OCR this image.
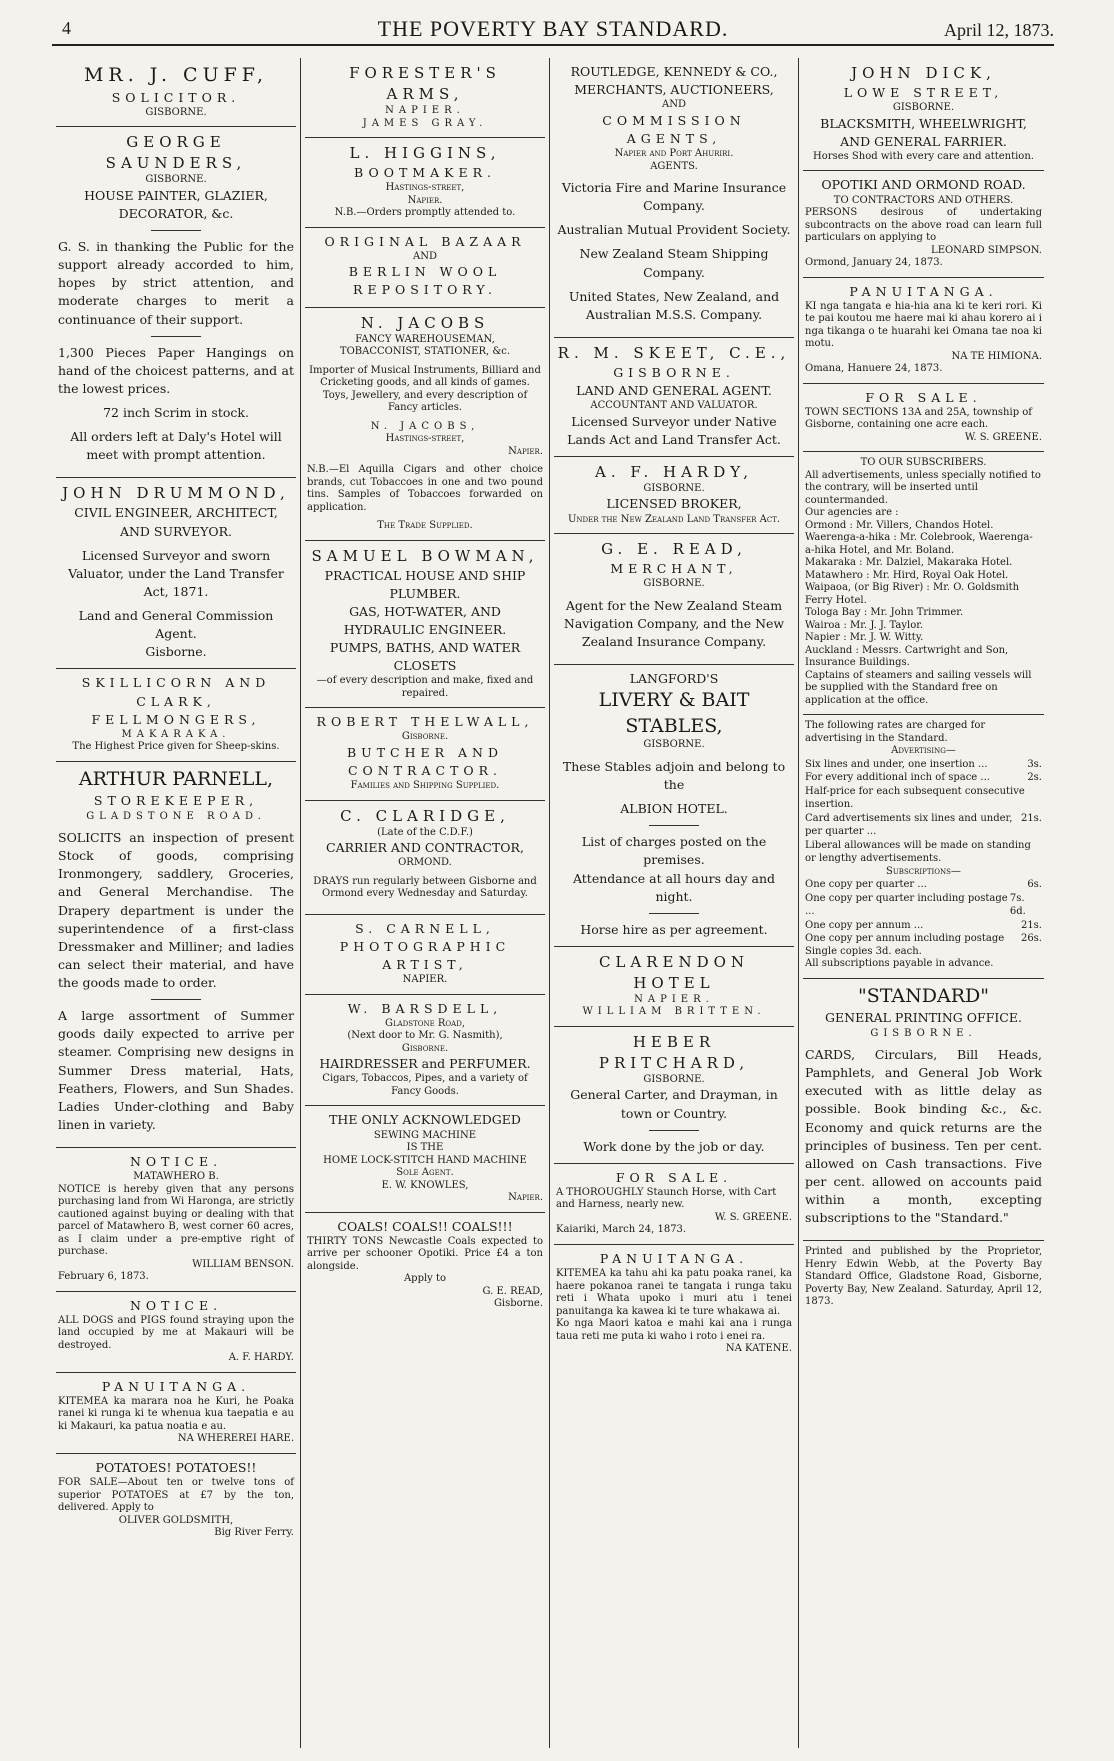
4	THE POVERTY BAY STANDARD.	April 12, 1873.
MR. J. CUFF,
SOLICITOR.
GISBORNE.
GEORGE SAUNDERS,
GISBORNE.
HOUSE PAINTER, GLAZIER,
DECORATOR, &c.

G. S. in thanking the Public for the support already accorded to him, hopes by strict attention, and moderate charges to merit a continuance of their support.

1,300 Pieces Paper Hangings on hand of the choicest patterns, and at the lowest prices.

72 inch Scrim in stock.

All orders left at Daly's Hotel will meet with prompt attention.

JOHN DRUMMOND,
CIVIL ENGINEER, ARCHITECT, AND SURVEYOR.

Licensed Surveyor and sworn Valuator, under the Land Transfer Act, 1871.

Land and General Commission Agent.

Gisborne.

SKILLICORN AND CLARK,
FELLMONGERS,
MAKARAKA.
The Highest Price given for Sheep-skins.
ARTHUR PARNELL,
STOREKEEPER,
GLADSTONE ROAD.

SOLICITS an inspection of present Stock of goods, comprising Ironmongery, saddlery, Groceries, and General Merchandise. The Drapery department is under the superintendence of a first-class Dressmaker and Milliner; and ladies can select their material, and have the goods made to order.

A large assortment of Summer goods daily expected to arrive per steamer. Comprising new designs in Summer Dress material, Hats, Feathers, Flowers, and Sun Shades. Ladies Under-clothing and Baby linen in variety.

NOTICE.
MATAWHERO B.

NOTICE is hereby given that any persons purchasing land from Wi Haronga, are strictly cautioned against buying or dealing with that parcel of Matawhero B, west corner 60 acres, as I claim under a pre-emptive right of purchase.

WILLIAM BENSON.
February 6, 1873.
NOTICE.

ALL DOGS and PIGS found straying upon the land occupied by me at Makauri will be destroyed.

A. F. HARDY.
PANUITANGA.

KITEMEA ka marara noa he Kuri, he Poaka ranei ki runga ki te whenua kua taepatia e au ki Makauri, ka patua noatia e au.

NA WHEREREI HARE.
POTATOES! POTATOES!!

FOR SALE—About ten or twelve tons of superior POTATOES at £7 by the ton, delivered. Apply to

OLIVER GOLDSMITH,
Big River Ferry.
FORESTER'S ARMS,
NAPIER.
JAMES GRAY.
L. HIGGINS,
BOOTMAKER.
Hastings-street,
Napier.
N.B.—Orders promptly attended to.
ORIGINAL BAZAAR
AND
BERLIN WOOL REPOSITORY.
N. JACOBS
FANCY WAREHOUSEMAN,
TOBACCONIST, STATIONER, &c.

Importer of Musical Instruments, Billiard and Cricketing goods, and all kinds of games. Toys, Jewellery, and every description of Fancy articles.

N. JACOBS,
Hastings-street,
Napier.

N.B.—El Aquilla Cigars and other choice brands, cut Tobaccoes in one and two pound tins. Samples of Tobaccoes forwarded on application.

The Trade Supplied.
SAMUEL BOWMAN,
PRACTICAL HOUSE AND SHIP PLUMBER.
GAS, HOT-WATER, AND HYDRAULIC ENGINEER.
PUMPS, BATHS, AND WATER CLOSETS
—of every description and make, fixed and repaired.
ROBERT THELWALL,
Gisborne.
BUTCHER AND CONTRACTOR.
Families and Shipping Supplied.
C. CLARIDGE,
(Late of the C.D.F.)
CARRIER AND CONTRACTOR,
ORMOND.

DRAYS run regularly between Gisborne and Ormond every Wednesday and Saturday.

S. CARNELL,
PHOTOGRAPHIC ARTIST,
NAPIER.
W. BARSDELL,
Gladstone Road,
(Next door to Mr. G. Nasmith),
Gisborne.
HAIRDRESSER and PERFUMER.
Cigars, Tobaccos, Pipes, and a variety of Fancy Goods.
THE ONLY ACKNOWLEDGED
SEWING MACHINE
IS THE
HOME LOCK-STITCH HAND MACHINE
Sole Agent.
E. W. KNOWLES,
Napier.
COALS! COALS!! COALS!!!

THIRTY TONS Newcastle Coals expected to arrive per schooner Opotiki. Price £4 a ton alongside.

Apply to
G. E. READ,
Gisborne.
ROUTLEDGE, KENNEDY & CO.,
MERCHANTS, AUCTIONEERS,
AND
COMMISSION AGENTS,
Napier and Port Ahuriri.
AGENTS.

Victoria Fire and Marine Insurance Company.

Australian Mutual Provident Society.

New Zealand Steam Shipping Company.

United States, New Zealand, and Australian M.S.S. Company.

R. M. SKEET, C.E.,
GISBORNE.
LAND AND GENERAL AGENT.
ACCOUNTANT AND VALUATOR.
Licensed Surveyor under Native Lands Act and Land Transfer Act.
A. F. HARDY,
GISBORNE.
LICENSED BROKER,
Under the New Zealand Land Transfer Act.
G. E. READ,
MERCHANT,
GISBORNE.

Agent for the New Zealand Steam Navigation Company, and the New Zealand Insurance Company.

LANGFORD'S
LIVERY & BAIT STABLES,
GISBORNE.

These Stables adjoin and belong to the

ALBION HOTEL.

List of charges posted on the premises.

Attendance at all hours day and night.

Horse hire as per agreement.

CLARENDON HOTEL
NAPIER.
WILLIAM BRITTEN.
HEBER PRITCHARD,
GISBORNE.
General Carter, and Drayman, in town or Country.
Work done by the job or day.
FOR SALE.

A THOROUGHLY Staunch Horse, with Cart and Harness, nearly new.

W. S. GREENE.
Kaiariki, March 24, 1873.
PANUITANGA.

KITEMEA ka tahu ahi ka patu poaka ranei, ka haere pokanoa ranei te tangata i runga taku reti i Whata upoko i muri atu i tenei panuitanga ka kawea ki te ture whakawa ai.

Ko nga Maori katoa e mahi kai ana i runga taua reti me puta ki waho i roto i enei ra.

NA KATENE.
JOHN DICK,
LOWE STREET,
GISBORNE.
BLACKSMITH, WHEELWRIGHT, AND GENERAL FARRIER.

Horses Shod with every care and attention.

OPOTIKI AND ORMOND ROAD.
TO CONTRACTORS AND OTHERS.

PERSONS desirous of undertaking subcontracts on the above road can learn full particulars on applying to

LEONARD SIMPSON.
Ormond, January 24, 1873.
PANUITANGA.

KI nga tangata e hia-hia ana ki te keri rori. Ki te pai koutou me haere mai ki ahau korero ai i nga tikanga o te huarahi kei Omana tae noa ki motu.

NA TE HIMIONA.
Omana, Hanuere 24, 1873.
FOR SALE.

TOWN SECTIONS 13A and 25A, township of Gisborne, containing one acre each.

W. S. GREENE.
TO OUR SUBSCRIBERS.

All advertisements, unless specially notified to the contrary, will be inserted until countermanded.

Our agencies are :

Ormond : Mr. Villers, Chandos Hotel.

Waerenga-a-hika : Mr. Colebrook, Waerenga-a-hika Hotel, and Mr. Boland.

Makaraka : Mr. Dalziel, Makaraka Hotel.

Matawhero : Mr. Hird, Royal Oak Hotel.

Waipaoa, (or Big River) : Mr. O. Goldsmith Ferry Hotel.

Tologa Bay : Mr. John Trimmer.

Wairoa : Mr. J. J. Taylor.

Napier : Mr. J. W. Witty.

Auckland : Messrs. Cartwright and Son, Insurance Buildings.

Captains of steamers and sailing vessels will be supplied with the Standard free on application at the office.

The following rates are charged for advertising in the Standard.

Advertising—
Six lines and under, one insertion ...	3s.
For every additional inch of space ...	2s.
Half-price for each subsequent consecutive insertion.
Card advertisements six lines and under, per quarter ...
21s.
Liberal allowances will be made on standing or lengthy advertisements.
Subscriptions—
One copy per quarter ...	6s.
One copy per quarter including postage ...
7s. 6d.
One copy per annum ...	21s.
One copy per annum including postage 26s.

Single copies 3d. each.

All subscriptions payable in advance.

"STANDARD"
GENERAL PRINTING OFFICE.
GISBORNE.

CARDS, Circulars, Bill Heads, Pamphlets, and General Job Work executed with as little delay as possible. Book binding &c., &c. Economy and quick returns are the principles of business. Ten per cent. allowed on Cash transactions. Five per cent. allowed on accounts paid within a month, excepting subscriptions to the "Standard."

Printed and published by the Proprietor, Henry Edwin Webb, at the Poverty Bay Standard Office, Gladstone Road, Gisborne, Poverty Bay, New Zealand. Saturday, April 12, 1873.
